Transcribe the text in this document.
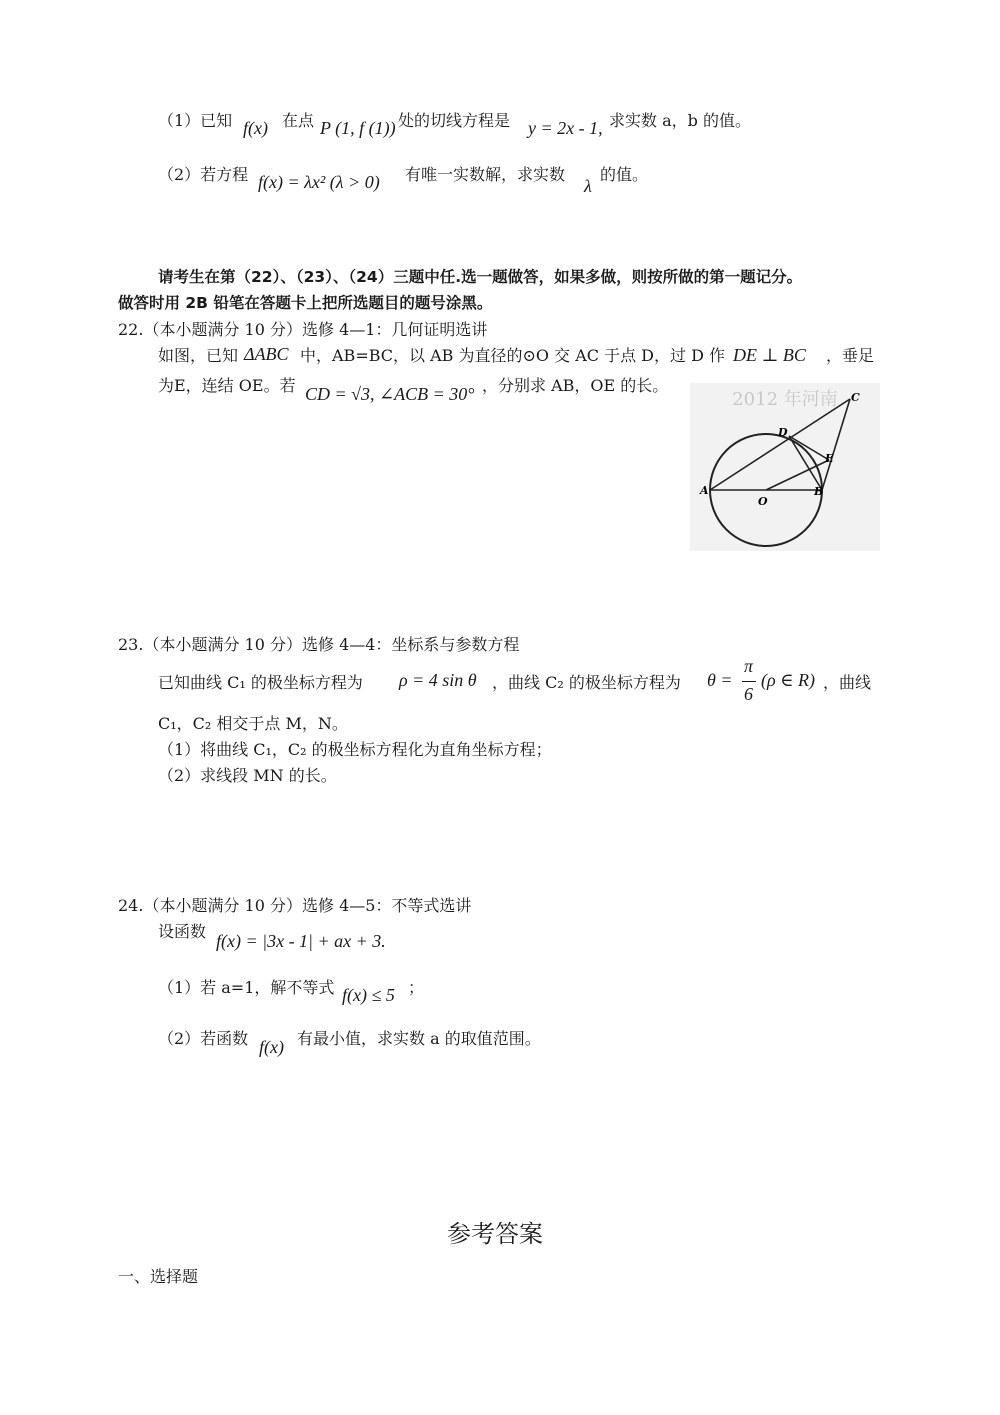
（1）已知 f(x) 在点 P (1, f (1)) 处的切线方程是 y = 2x - 1, 求实数 a，b 的值。
（2）若方程 f(x) = λx² (λ > 0) 有唯一实数解，求实数
λ
的值。
请考生在第（22）、（23）、（24）三题中任.选一题做答，如果多做，则按所做的第一题记分。
做答时用 2B 铅笔在答题卡上把所选题目的题号涂黑。
22.（本小题满分 10 分）选修 4—1：几何证明选讲
如图，已知 ΔABC 中，AB=BC，以 AB 为直径的⊙O 交 AC 于点 D，过 D 作 DE ⊥ BC ，垂足
为E，连结 OE。若 CD = √3, ∠ACB = 30° ，分别求 AB，OE 的长。
2012 年河南
A
O
B
C
D
E
23.（本小题满分 10 分）选修 4—4：坐标系与参数方程
已知曲线 C₁ 的极坐标方程为 ρ = 4 sin θ ，曲线 C₂ 的极坐标方程为 θ =
π
6
(ρ ∈ R) ，曲线
C₁，C₂ 相交于点 M，N。
（1）将曲线 C₁，C₂ 的极坐标方程化为直角坐标方程；
（2）求线段 MN 的长。
24.（本小题满分 10 分）选修 4—5：不等式选讲
设函数 f(x) = |3x - 1| + ax + 3.
（1）若 a=1，解不等式 f(x) ≤ 5 ；
（2）若函数 f(x) 有最小值，求实数 a 的取值范围。
参考答案
一、选择题
